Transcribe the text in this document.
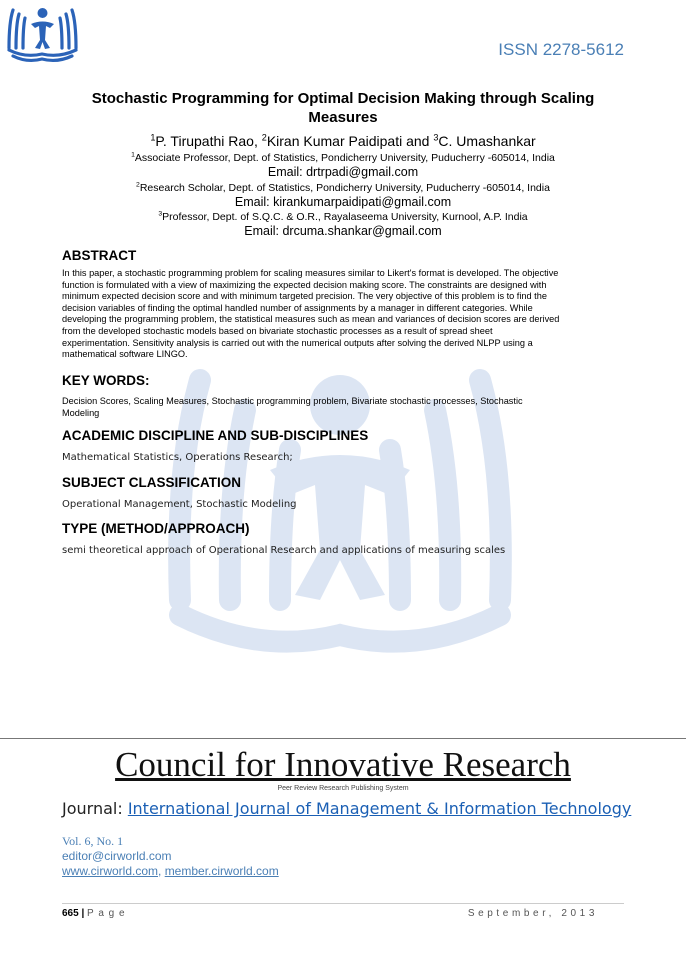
ISSN 2278-5612
Stochastic Programming for Optimal Decision Making through Scaling
Measures
$^1$P. Tirupathi Rao, $^2$Kiran Kumar Paidipati and $^3$C. Umashankar
$^1$Associate Professor, Dept. of Statistics, Pondicherry University, Puducherry -605014, India
Email: drtrpadi@gmail.com
$^2$Research Scholar, Dept. of Statistics, Pondicherry University, Puducherry -605014, India
Email: kirankumarpaidipati@gmail.com
$^3$Professor, Dept. of S.Q.C. & O.R., Rayalaseema University, Kurnool, A.P. India
Email: drcuma.shankar@gmail.com
ABSTRACT
In this paper, a stochastic programming problem for scaling measures similar to Likert's format is developed. The objective
function is formulated with a view of maximizing the expected decision making score. The constraints are designed with
minimum expected decision score and with minimum targeted precision. The very objective of this problem is to find the
decision variables of finding the optimal handled number of assignments by a manager in different categories. While
developing the programming problem, the statistical measures such as mean and variances of decision scores are derived
from the developed stochastic models based on bivariate stochastic processes as a result of spread sheet
experimentation. Sensitivity analysis is carried out with the numerical outputs after solving the derived NLPP using a
mathematical software LINGO.
KEY WORDS:
Decision Scores, Scaling Measures, Stochastic programming problem, Bivariate stochastic processes, Stochastic
Modeling
ACADEMIC DISCIPLINE AND SUB-DISCIPLINES
Mathematical Statistics, Operations Research;
SUBJECT CLASSIFICATION
Operational Management, Stochastic Modeling
TYPE (METHOD/APPROACH)
semi theoretical approach of Operational Research and applications of measuring scales
Council for Innovative Research
Peer Review Research Publishing System
Journal: International Journal of Management & Information Technology
Vol. 6, No. 1
editor@cirworld.com
www.cirworld.com, member.cirworld.com
665 | P a g e	September, 2013
